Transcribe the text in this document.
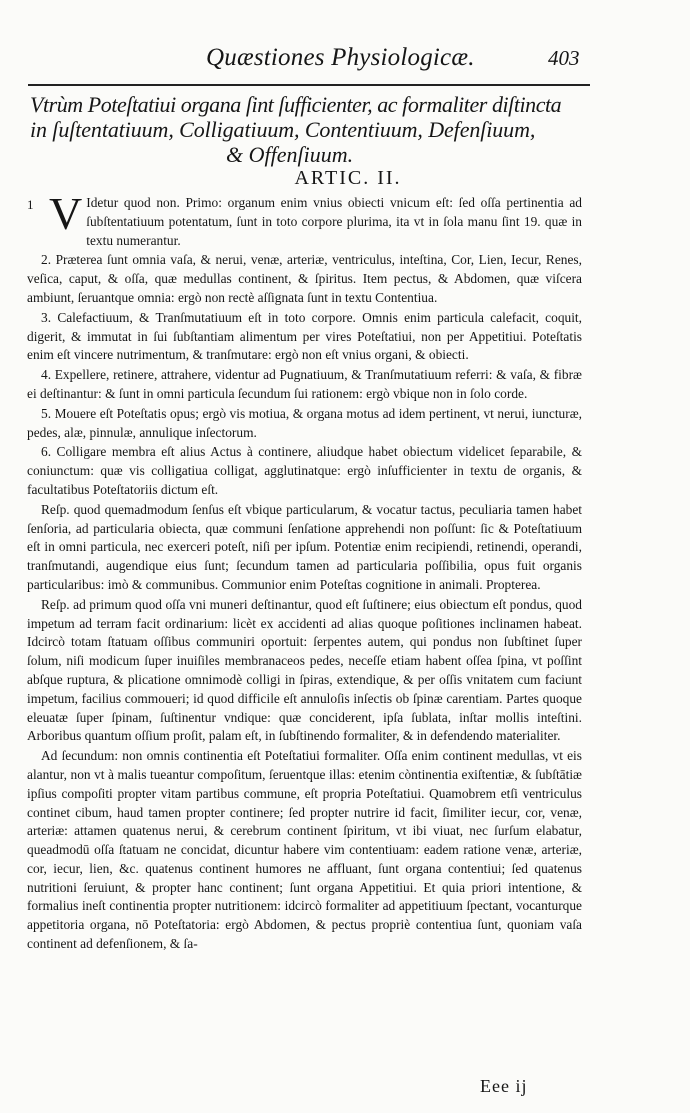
Quæstiones Physiologicæ.	403
Vtrùm Poteſtatiui organa ſint ſufficienter, ac formaliter diſtincta
in ſuſtentatiuum, Colligatiuum, Contentiuum, Defenſiuum,
& Offenſiuum.
ARTIC. II.

1 V Idetur quod non. Primo: organum enim vnius obiecti vnicum eſt: ſed oſſa pertinentia ad ſubſtentatiuum potentatum, ſunt in toto corpore plurima, ita vt in ſola manu ſint 19. quæ in textu numerantur.

2. Præterea ſunt omnia vaſa, & nerui, venæ, arteriæ, ventriculus, inteſtina, Cor, Lien, Iecur, Renes, veſica, caput, & oſſa, quæ medullas continent, & ſpiritus. Item pectus, & Abdomen, quæ viſcera ambiunt, ſeruantque omnia: ergò non rectè aſſignata ſunt in textu Contentiua.

3. Calefactiuum, & Tranſmutatiuum eſt in toto corpore. Omnis enim particula calefacit, coquit, digerit, & immutat in ſui ſubſtantiam alimentum per vires Poteſtatiui, non per Appetitiui. Poteſtatis enim eſt vincere nutrimentum, & tranſmutare: ergò non eſt vnius organi, & obiecti.

4. Expellere, retinere, attrahere, videntur ad Pugnatiuum, & Tranſmutatiuum referri: & vaſa, & fibræ ei deſtinantur: & ſunt in omni particula ſecundum ſui rationem: ergò vbique non in ſolo corde.

5. Mouere eſt Poteſtatis opus; ergò vis motiua, & organa motus ad idem pertinent, vt nerui, iuncturæ, pedes, alæ, pinnulæ, annulique inſectorum.

6. Colligare membra eſt alius Actus à continere, aliudque habet obiectum videlicet ſeparabile, & coniunctum: quæ vis colligatiua colligat, agglutinatque: ergò inſufficienter in textu de organis, & facultatibus Poteſtatoriis dictum eſt.

Reſp. quod quemadmodum ſenſus eſt vbique particularum, & vocatur tactus, peculiaria tamen habet ſenſoria, ad particularia obiecta, quæ communi ſenſatione apprehendi non poſſunt: ſic & Poteſtatiuum eſt in omni particula, nec exerceri poteſt, niſi per ipſum. Potentiæ enim recipiendi, retinendi, operandi, tranſmutandi, augendique eius ſunt; ſecundum tamen ad particularia poſſibilia, opus fuit organis particularibus: imò & communibus. Communior enim Poteſtas cognitione in animali. Propterea.

Reſp. ad primum quod oſſa vni muneri deſtinantur, quod eſt ſuſtinere; eius obiectum eſt pondus, quod impetum ad terram facit ordinarium: licèt ex accidenti ad alias quoque poſitiones inclinamen habeat. Idcircò totam ſtatuam oſſibus communiri oportuit: ſerpentes autem, qui pondus non ſubſtinet ſuper ſolum, niſi modicum ſuper inuiſiles membranaceos pedes, neceſſe etiam habent oſſea ſpina, vt poſſint abſque ruptura, & plicatione omnimodè colligi in ſpiras, extendique, & per oſſis vnitatem cum faciunt impetum, facilius commoueri; id quod difficile eſt annuloſis inſectis ob ſpinæ carentiam. Partes quoque eleuatæ ſuper ſpinam, ſuſtinentur vndique: quæ conciderent, ipſa ſublata, inſtar mollis inteſtini. Arboribus quantum oſſium proſit, palam eſt, in ſubſtinendo formaliter, & in defendendo materialiter.

Ad ſecundum: non omnis continentia eſt Poteſtatiui formaliter. Oſſa enim continent medullas, vt eis alantur, non vt à malis tueantur compoſitum, ſeruentque illas: etenim còntinentia exiſtentiæ, & ſubſtātiæ ipſius compoſiti propter vitam partibus commune, eſt propria Poteſtatiui. Quamobrem etſi ventriculus continet cibum, haud tamen propter continere; ſed propter nutrire id facit, ſimiliter iecur, cor, venæ, arteriæ: attamen quatenus nerui, & cerebrum continent ſpiritum, vt ibi viuat, nec ſurſum elabatur, queadmodū oſſa ſtatuam ne concidat, dicuntur habere vim contentiuam: eadem ratione venæ, arteriæ, cor, iecur, lien, &c. quatenus continent humores ne affluant, ſunt organa contentiui; ſed quatenus nutritioni ſeruiunt, & propter hanc continent; ſunt organa Appetitiui. Et quia priori intentione, & formalius ineſt continentia propter nutritionem: idcircò formaliter ad appetitiuum ſpectant, vocanturque appetitoria organa, nō Poteſtatoria: ergò Abdomen, & pectus propriè contentiua ſunt, quoniam vaſa continent ad defenſionem, & ſa-

Eee ij
